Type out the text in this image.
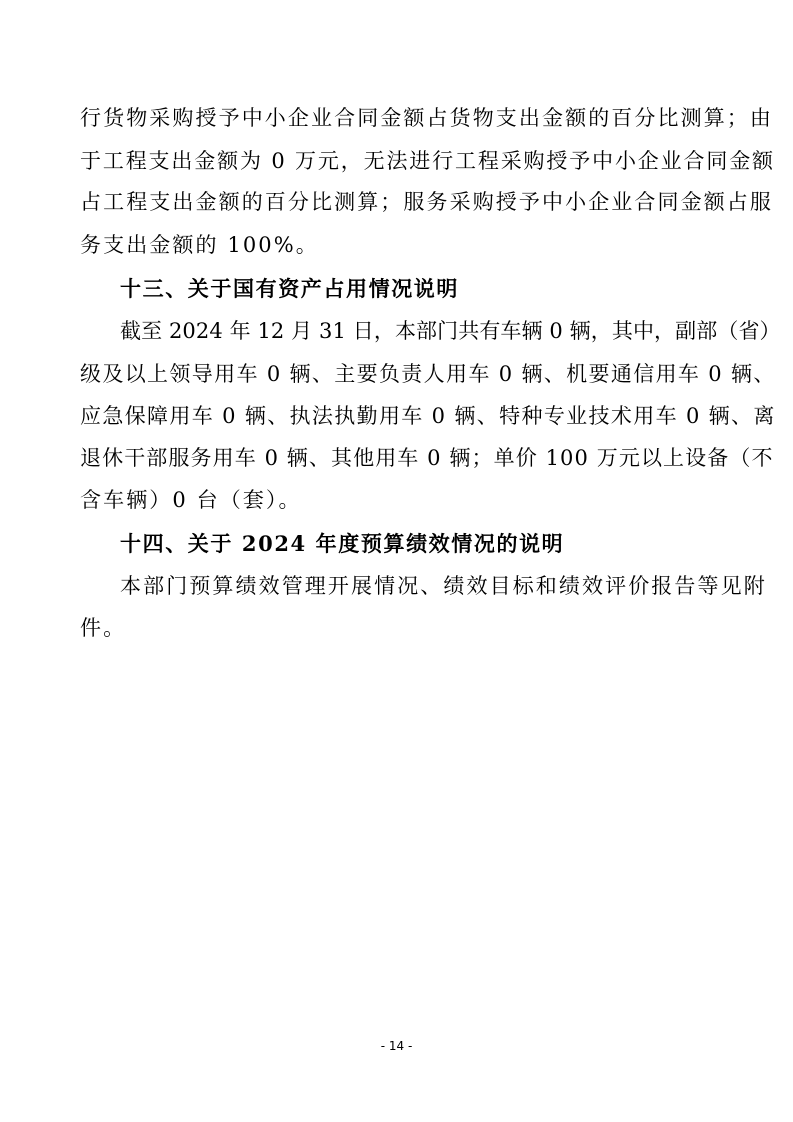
行货物采购授予中小企业合同金额占货物支出金额的百分比测算；由
于工程支出金额为 0 万元，无法进行工程采购授予中小企业合同金额
占工程支出金额的百分比测算；服务采购授予中小企业合同金额占服
务支出金额的 100%。
十三、关于国有资产占用情况说明
截至 2024 年 12 月 31 日，本部门共有车辆 0 辆，其中，副部（省）
级及以上领导用车 0 辆、主要负责人用车 0 辆、机要通信用车 0 辆、
应急保障用车 0 辆、执法执勤用车 0 辆、特种专业技术用车 0 辆、离
退休干部服务用车 0 辆、其他用车 0 辆；单价 100 万元以上设备（不
含车辆）0 台（套）。
十四、关于 2024 年度预算绩效情况的说明
本部门预算绩效管理开展情况、绩效目标和绩效评价报告等见附
件。
- 14 -
